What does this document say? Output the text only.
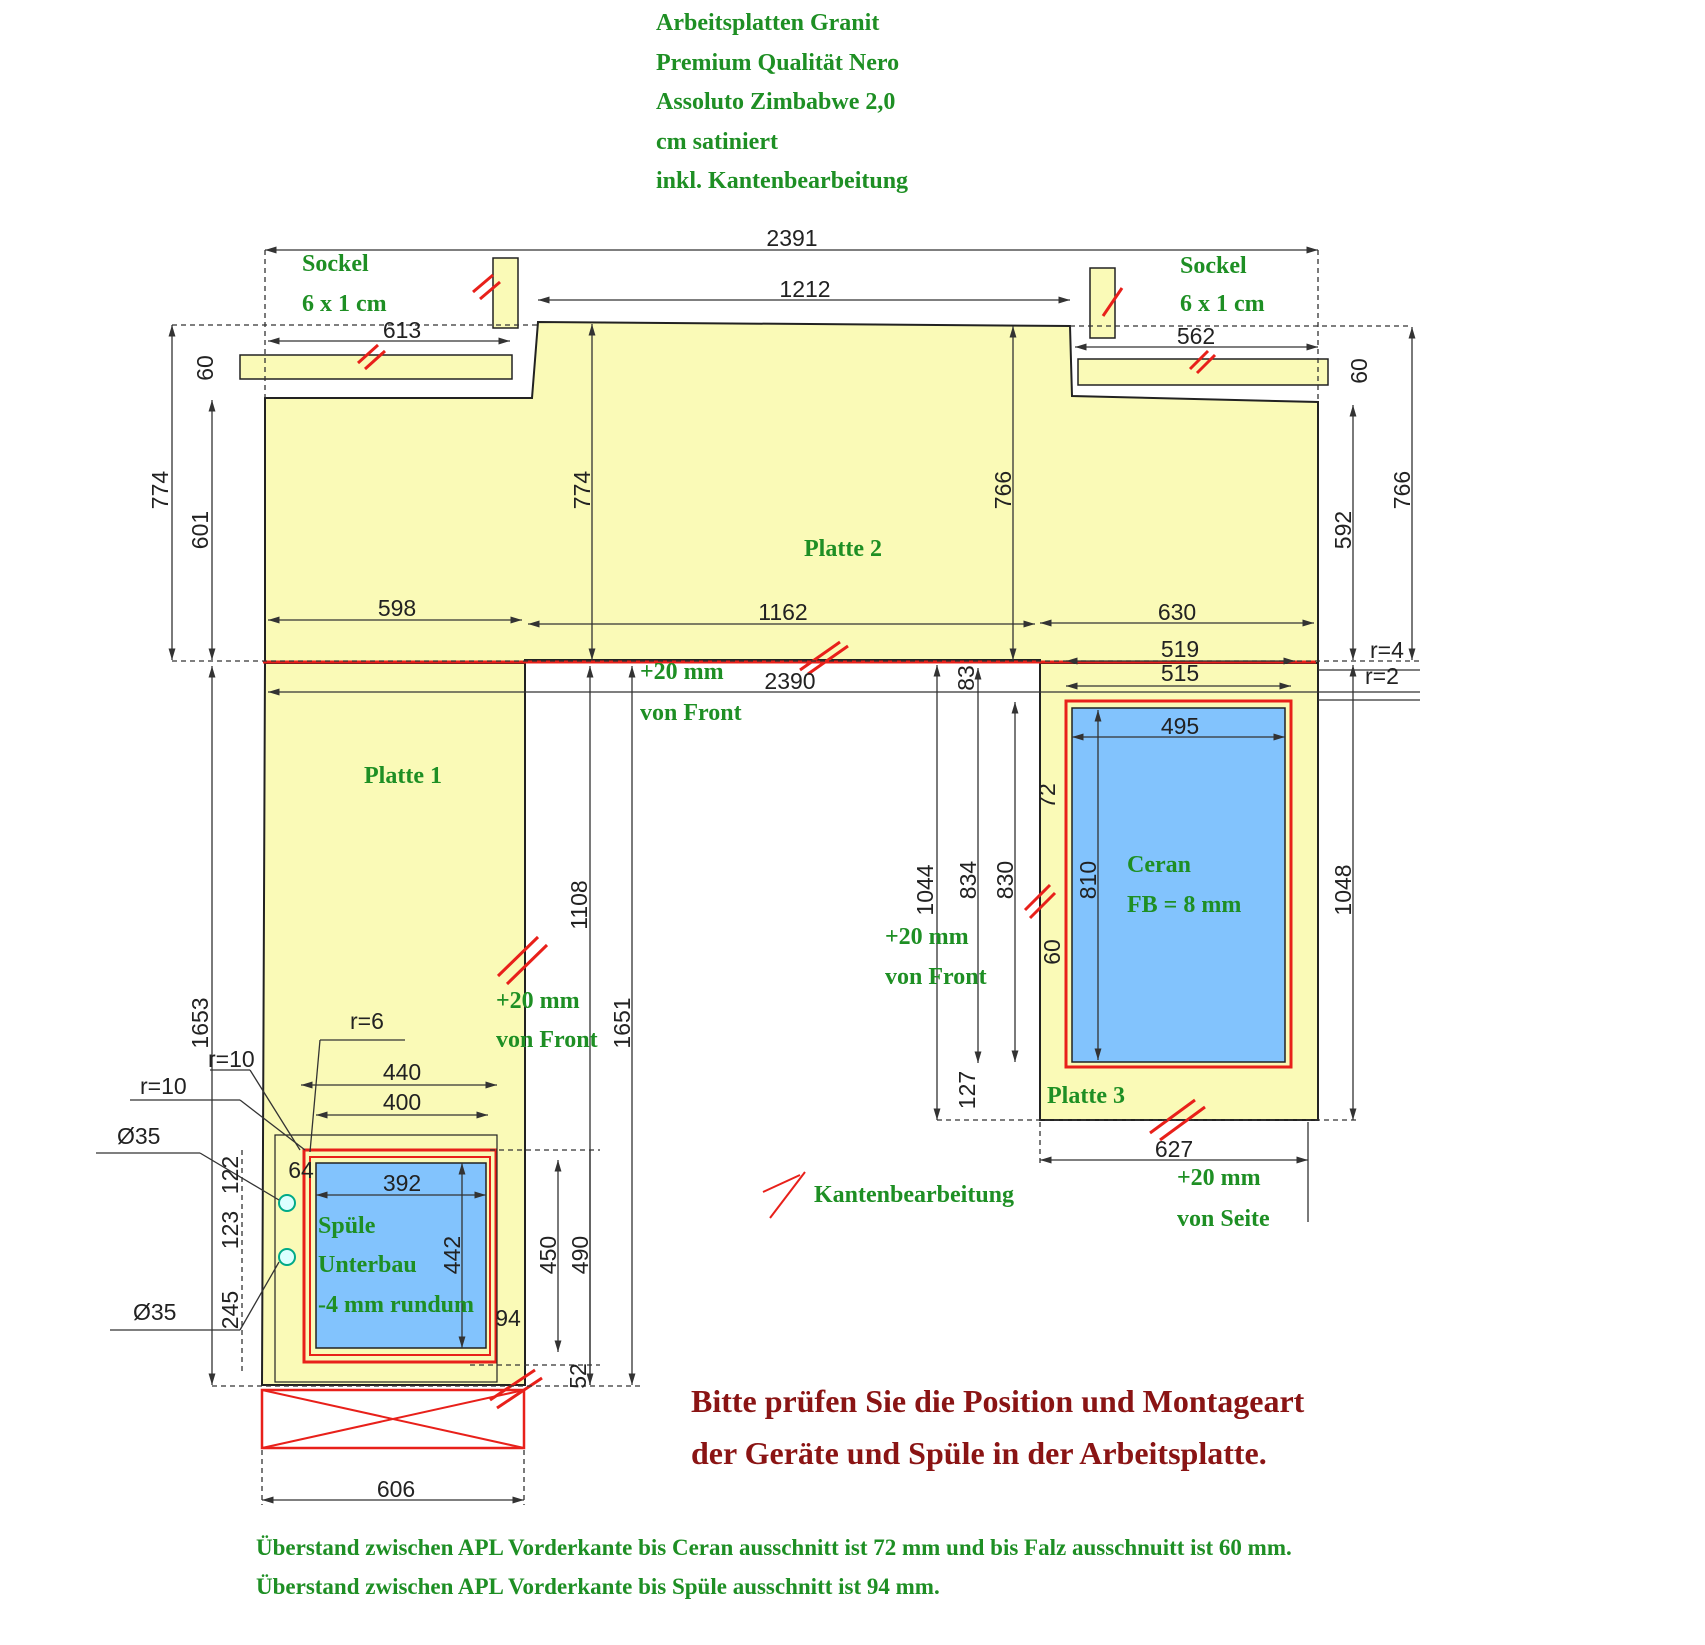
2391
1212
613	562
60	60
774
601
774	766	766
592
598	1162	630
2390
519
515
r=4
r=2
83
495
72
810
830
834
1044	1048
60
127
627
1108
1651
1653	r=6
r=10
r=10
440
400
392
Ø35
Ø35
122
123
245
64
442	450 490
94
52
606
Arbeitsplatten Granit
Premium Qualität Nero
Assoluto Zimbabwe 2,0
cm satiniert
inkl. Kantenbearbeitung
Sockel
6 x 1 cm
Sockel
6 x 1 cm
Platte 2
Platte 1
Platte 3
+20 mm
von Front
+20 mm
von Front
+20 mm
von Front
+20 mm
von Seite
Ceran
FB = 8 mm
Spüle
Unterbau
-4 mm rundum
Kantenbearbeitung
Überstand zwischen APL Vorderkante bis Ceran ausschnitt ist 72 mm und bis Falz ausschnuitt ist 60 mm.
Überstand zwischen APL Vorderkante bis Spüle ausschnitt ist 94 mm.
Bitte prüfen Sie die Position und Montageart
der Geräte und Spüle in der Arbeitsplatte.
